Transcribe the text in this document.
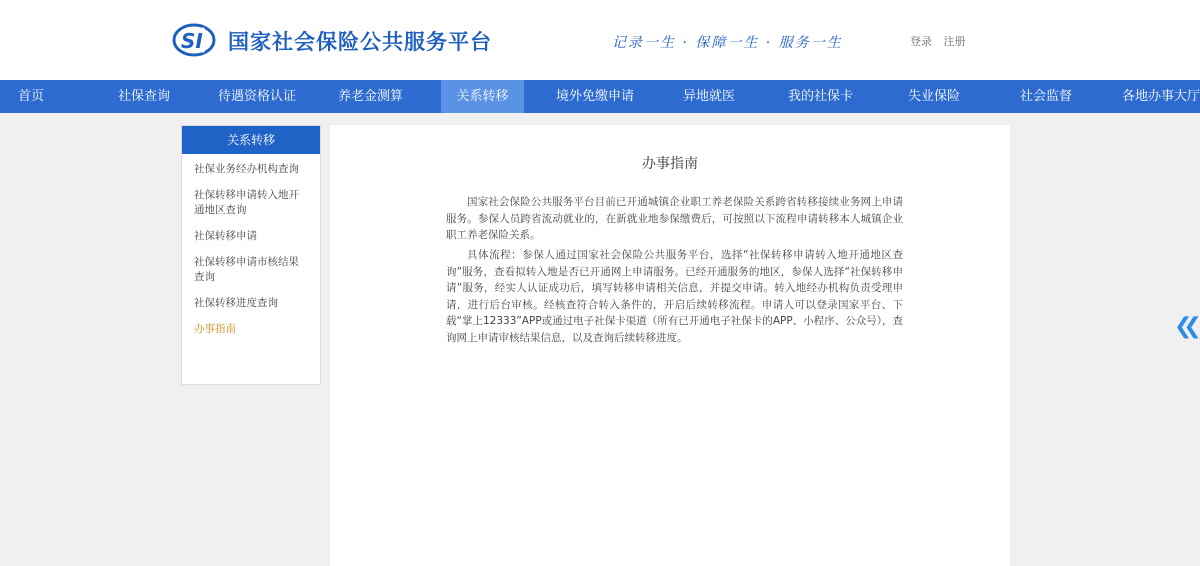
SI 国家社会保险公共服务平台	记录一生 · 保障一生 · 服务一生	登录 注册
首页	社保查询	待遇资格认证	养老金测算	关系转移	境外免缴申请	异地就医	我的社保卡	失业保险	社会监督	各地办事大厅
关系转移
社保业务经办机构查询
社保转移申请转入地开通地区查询
社保转移申请
社保转移申请市核结果查询
社保转移进度查询
办事指南
办事指南
国家社会保险公共服务平台目前已开通城镇企业职工养老保险关系跨省转移接续业务网上申请服务。参保人员跨省流动就业的，在新就业地参保缴费后，可按照以下流程申请转移本人城镇企业职工养老保险关系。
具体流程：参保人通过国家社会保险公共服务平台，选择“社保转移申请转入地开通地区查询”服务，查看拟转入地是否已开通网上申请服务。已经开通服务的地区，参保人选择“社保转移申请”服务，经实人认证成功后，填写转移申请相关信息，并提交申请。转入地经办机构负责受理申请，进行后台审核。经核查符合转入条件的，开启后续转移流程。申请人可以登录国家平台、下载“掌上12333”APP或通过电子社保卡渠道（所有已开通电子社保卡的APP、小程序、公众号），查询网上申请审核结果信息，以及查询后续转移进度。	❮❮
